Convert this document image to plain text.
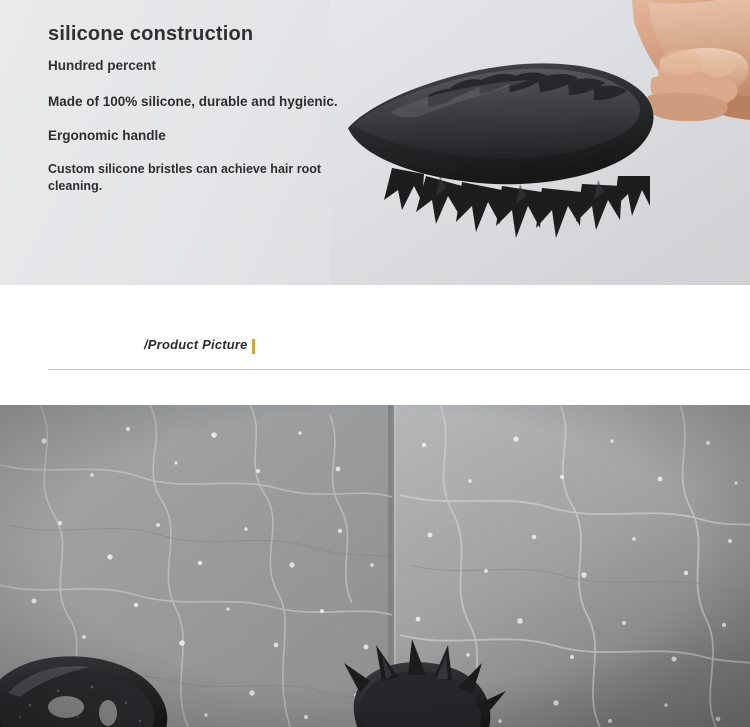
silicone construction
Hundred percent

Made of 100% silicone, durable and hygienic.

Ergonomic handle

Custom silicone bristles can achieve hair root cleaning.

/Product Picture
